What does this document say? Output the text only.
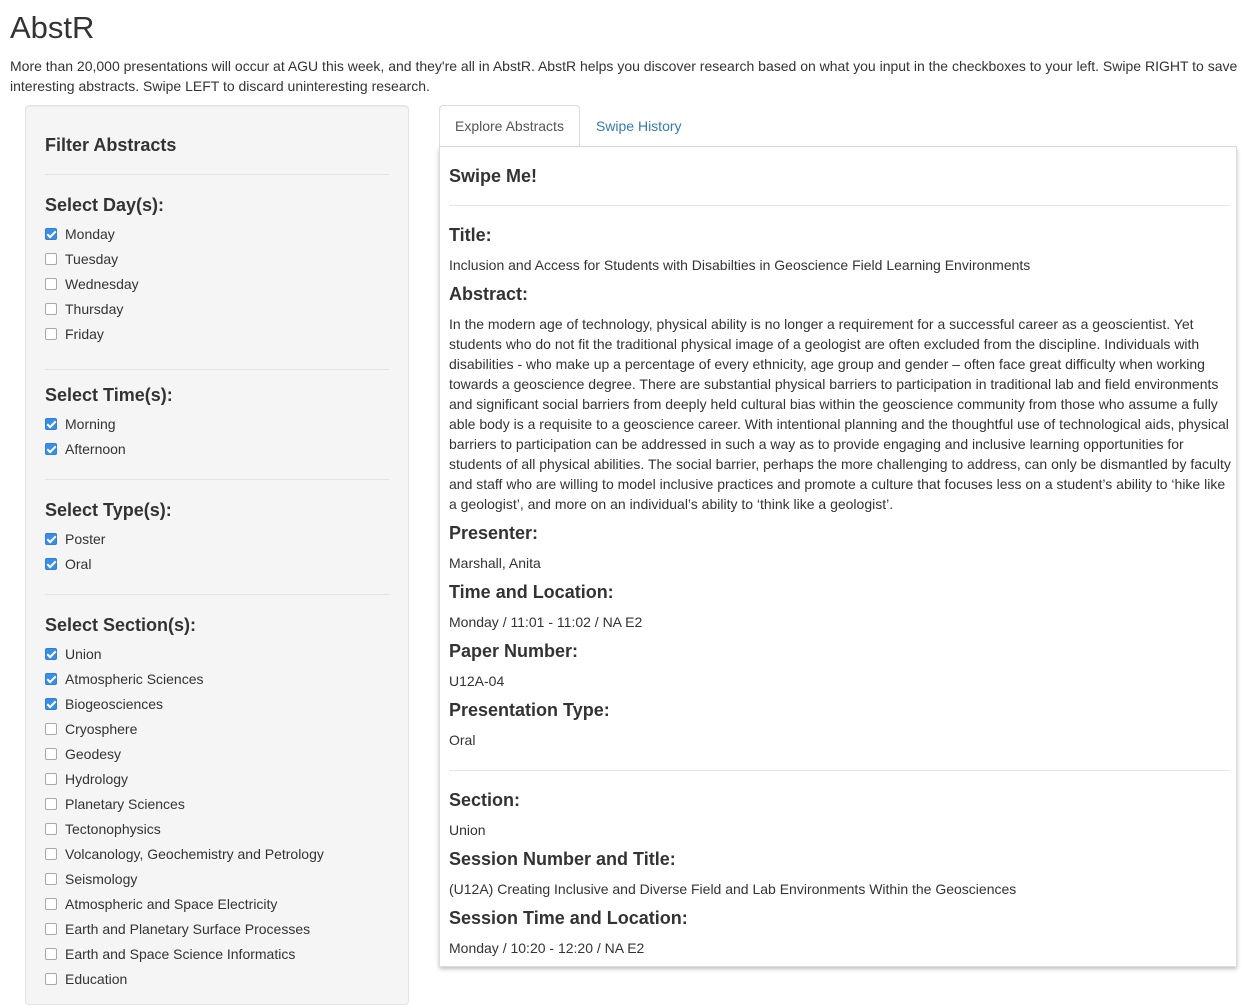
AbstR

More than 20,000 presentations will occur at AGU this week, and they're all in AbstR. AbstR helps you discover research based on what you input in the checkboxes to your left. Swipe RIGHT to save interesting abstracts. Swipe LEFT to discard uninteresting research.

Filter Abstracts
Select Day(s):
Monday
Tuesday
Wednesday
Thursday
Friday
Select Time(s):
Morning
Afternoon
Select Type(s):
Poster
Oral
Select Section(s):
Union
Atmospheric Sciences
Biogeosciences
Cryosphere
Geodesy
Hydrology
Planetary Sciences
Tectonophysics
Volcanology, Geochemistry and Petrology
Seismology
Atmospheric and Space Electricity
Earth and Planetary Surface Processes
Earth and Space Science Informatics
Education
Explore Abstracts	Swipe History
Swipe Me!
Title:

Inclusion and Access for Students with Disabilties in Geoscience Field Learning Environments

Abstract:

In the modern age of technology, physical ability is no longer a requirement for a successful career as a geoscientist. Yet students who do not fit the traditional physical image of a geologist are often excluded from the discipline. Individuals with disabilities - who make up a percentage of every ethnicity, age group and gender – often face great difficulty when working towards a geoscience degree. There are substantial physical barriers to participation in traditional lab and field environments and significant social barriers from deeply held cultural bias within the geoscience community from those who assume a fully able body is a requisite to a geoscience career. With intentional planning and the thoughtful use of technological aids, physical barriers to participation can be addressed in such a way as to provide engaging and inclusive learning opportunities for students of all physical abilities. The social barrier, perhaps the more challenging to address, can only be dismantled by faculty and staff who are willing to model inclusive practices and promote a culture that focuses less on a student’s ability to ‘hike like a geologist’, and more on an individual’s ability to ‘think like a geologist’.

Presenter:

Marshall, Anita

Time and Location:

Monday / 11:01 - 11:02 / NA E2

Paper Number:

U12A-04

Presentation Type:

Oral

Section:

Union

Session Number and Title:

(U12A) Creating Inclusive and Diverse Field and Lab Environments Within the Geosciences

Session Time and Location:

Monday / 10:20 - 12:20 / NA E2
